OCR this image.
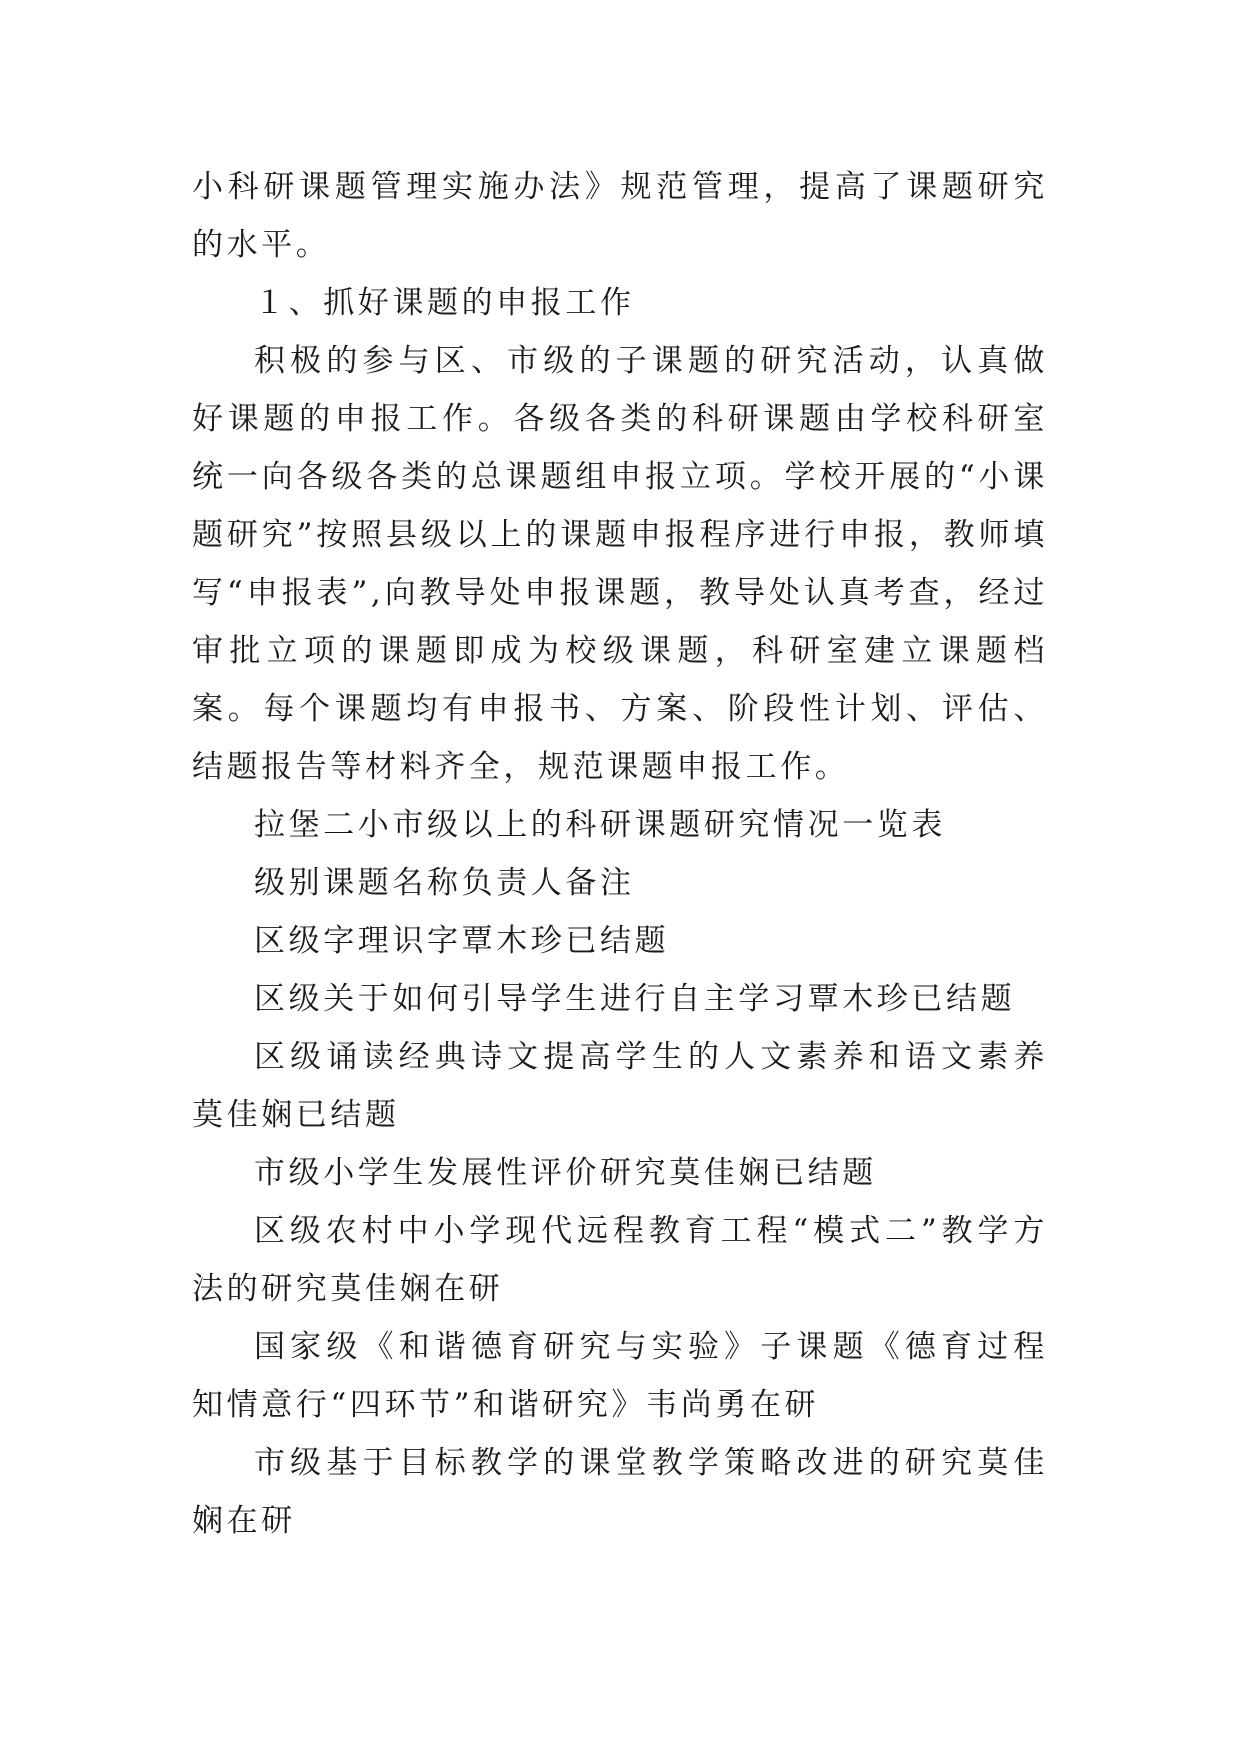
小科研课题管理实施办法》规范管理，提高了课题研究的水平。

１、抓好课题的申报工作

积极的参与区、市级的子课题的研究活动，认真做好课题的申报工作。各级各类的科研课题由学校科研室统一向各级各类的总课题组申报立项。学校开展的“小课题研究”按照县级以上的课题申报程序进行申报，教师填写“申报表”,向教导处申报课题，教导处认真考查，经过审批立项的课题即成为校级课题，科研室建立课题档案。每个课题均有申报书、方案、阶段性计划、评估、结题报告等材料齐全，规范课题申报工作。

拉堡二小市级以上的科研课题研究情况一览表

级别课题名称负责人备注

区级字理识字覃木珍已结题

区级关于如何引导学生进行自主学习覃木珍已结题

区级诵读经典诗文提高学生的人文素养和语文素养莫佳娴已结题

市级小学生发展性评价研究莫佳娴已结题

区级农村中小学现代远程教育工程“模式二”教学方法的研究莫佳娴在研

国家级《和谐德育研究与实验》子课题《德育过程知情意行“四环节”和谐研究》韦尚勇在研

市级基于目标教学的课堂教学策略改进的研究莫佳娴在研
